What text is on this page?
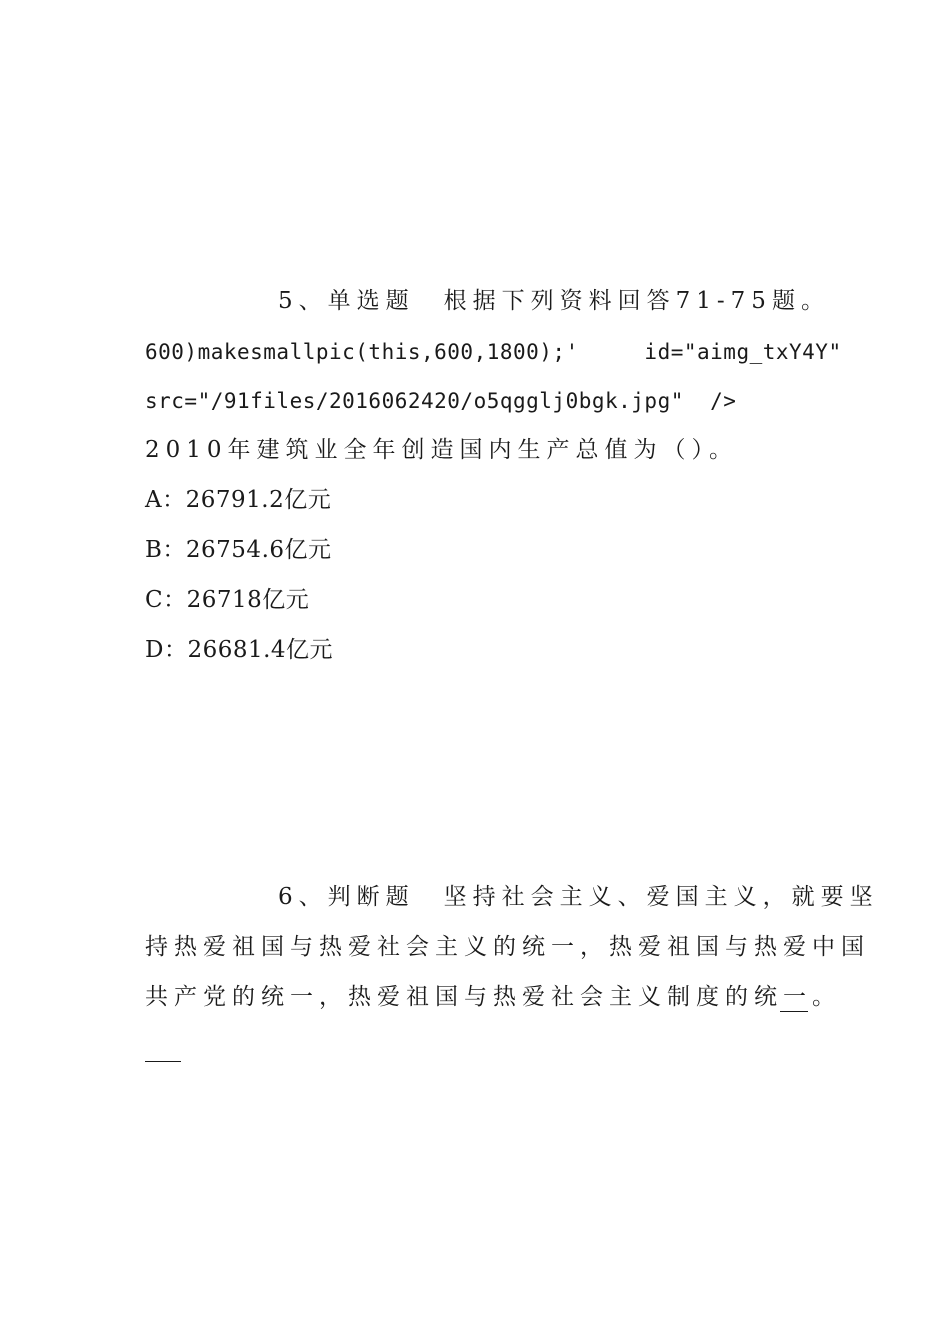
5、单选题　根据下列资料回答71-75题。
600)makesmallpic(this,600,1800);'     id="aimg_txY4Y"
src="/91files/2016062420/o5qgglj0bgk.jpg"  />
2010年建筑业全年创造国内生产总值为（）。
A：26791.2亿元
B：26754.6亿元
C：26718亿元
D：26681.4亿元
6、判断题　坚持社会主义、爱国主义，就要坚
持热爱祖国与热爱社会主义的统一，热爱祖国与热爱中国
共产党的统一，热爱祖国与热爱社会主义制度的统一。
